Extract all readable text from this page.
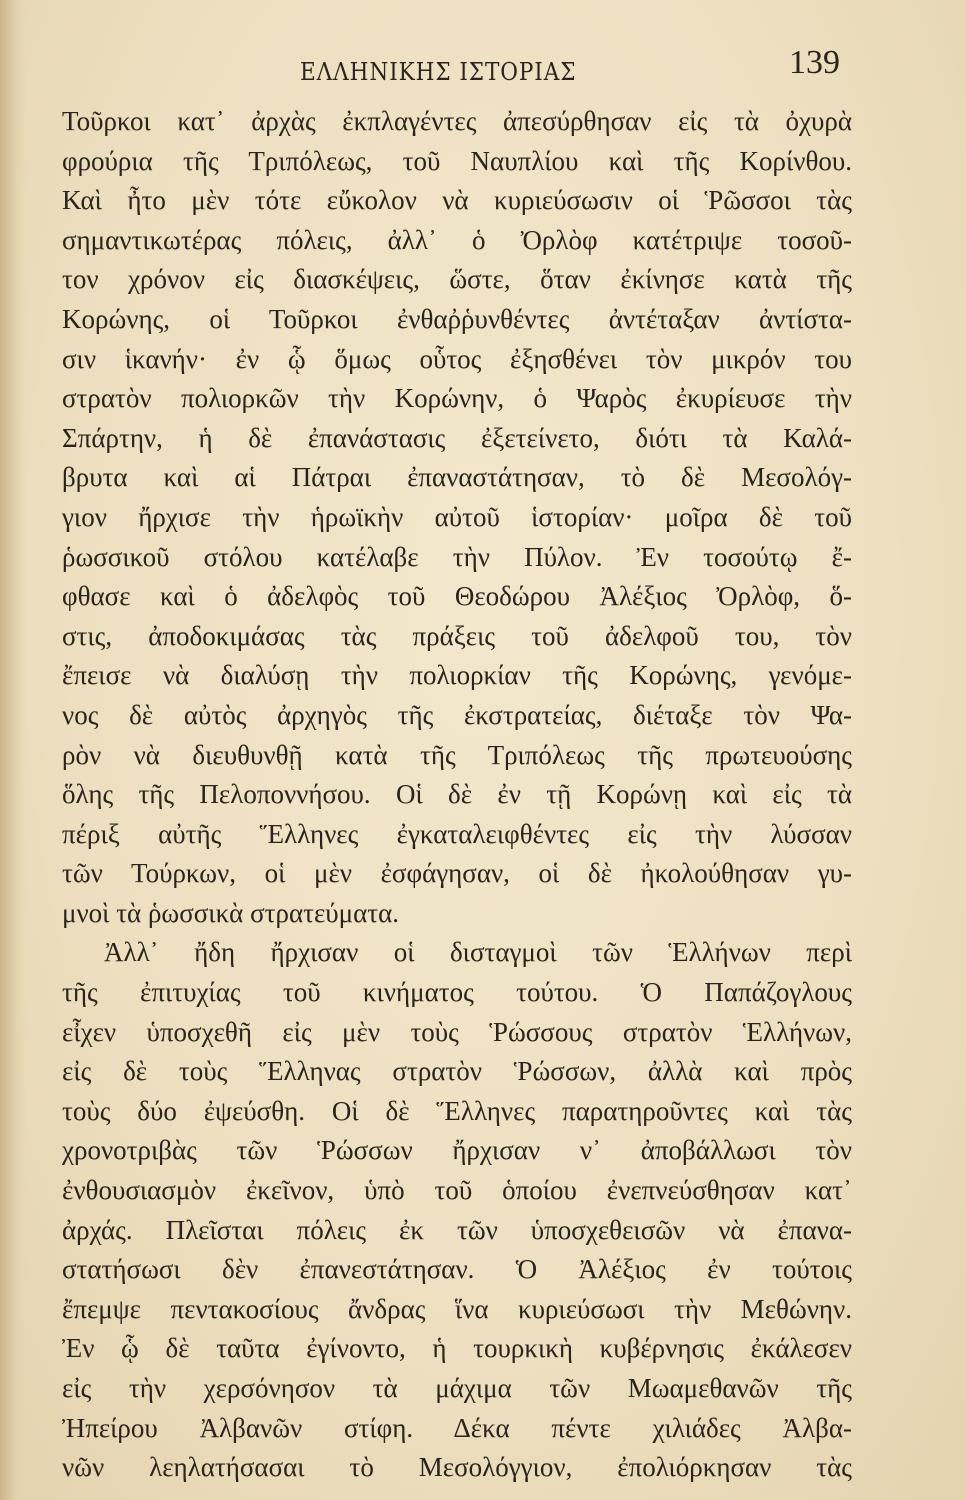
ΕΛΛΗΝΙΚΗΣ ΙΣΤΟΡΙΑΣ	139
Τοῦρκοι κατ᾽ ἀρχὰς ἐκπλαγέντες ἀπεσύρθησαν εἰς τὰ ὀχυρὰ
φρούρια τῆς Τριπόλεως, τοῦ Ναυπλίου καὶ τῆς Κορίνθου.
Καὶ ἦτο μὲν τότε εὔκολον νὰ κυριεύσωσιν οἱ Ῥῶσσοι τὰς
σημαντικωτέρας πόλεις, ἀλλ᾽ ὁ Ὀρλὸφ κατέτριψε τοσοῦ-
τον χρόνον εἰς διασκέψεις, ὥστε, ὅταν ἐκίνησε κατὰ τῆς
Κορώνης, οἱ Τοῦρκοι ἐνθαῤῥυνθέντες ἀντέταξαν ἀντίστα-
σιν ἱκανήν· ἐν ᾧ ὅμως οὗτος ἐξησθένει τὸν μικρόν του
στρατὸν πολιορκῶν τὴν Κορώνην, ὁ Ψαρὸς ἐκυρίευσε τὴν
Σπάρτην, ἡ δὲ ἐπανάστασις ἐξετείνετο, διότι τὰ Καλά-
βρυτα καὶ αἱ Πάτραι ἐπαναστάτησαν, τὸ δὲ Μεσολόγ-
γιον ἤρχισε τὴν ἡρωϊκὴν αὐτοῦ ἱστορίαν· μοῖρα δὲ τοῦ
ῥωσσικοῦ στόλου κατέλαβε τὴν Πύλον. Ἐν τοσούτῳ ἔ-
φθασε καὶ ὁ ἀδελφὸς τοῦ Θεοδώρου Ἀλέξιος Ὀρλὸφ, ὅ-
στις, ἀποδοκιμάσας τὰς πράξεις τοῦ ἀδελφοῦ του, τὸν
ἔπεισε νὰ διαλύσῃ τὴν πολιορκίαν τῆς Κορώνης, γενόμε-
νος δὲ αὐτὸς ἀρχηγὸς τῆς ἐκστρατείας, διέταξε τὸν Ψα-
ρὸν νὰ διευθυνθῇ κατὰ τῆς Τριπόλεως τῆς πρωτευούσης
ὅλης τῆς Πελοποννήσου. Οἱ δὲ ἐν τῇ Κορώνῃ καὶ εἰς τὰ
πέριξ αὐτῆς Ἕλληνες ἐγκαταλειφθέντες εἰς τὴν λύσσαν
τῶν Τούρκων, οἱ μὲν ἐσφάγησαν, οἱ δὲ ἠκολούθησαν γυ-
μνοὶ τὰ ῥωσσικὰ στρατεύματα.
Ἀλλ᾽ ἤδη ἤρχισαν οἱ δισταγμοὶ τῶν Ἑλλήνων περὶ
τῆς ἐπιτυχίας τοῦ κινήματος τούτου. Ὁ Παπάζογλους
εἶχεν ὑποσχεθῆ εἰς μὲν τοὺς Ῥώσσους στρατὸν Ἑλλήνων,
εἰς δὲ τοὺς Ἕλληνας στρατὸν Ῥώσσων, ἀλλὰ καὶ πρὸς
τοὺς δύο ἐψεύσθη. Οἱ δὲ Ἕλληνες παρατηροῦντες καὶ τὰς
χρονοτριβὰς τῶν Ῥώσσων ἤρχισαν ν᾽ ἀποβάλλωσι τὸν
ἐνθουσιασμὸν ἐκεῖνον, ὑπὸ τοῦ ὁποίου ἐνεπνεύσθησαν κατ᾽
ἀρχάς. Πλεῖσται πόλεις ἐκ τῶν ὑποσχεθεισῶν νὰ ἐπανα-
στατήσωσι δὲν ἐπανεστάτησαν. Ὁ Ἀλέξιος ἐν τούτοις
ἔπεμψε πεντακοσίους ἄνδρας ἵνα κυριεύσωσι τὴν Μεθώνην.
Ἐν ᾧ δὲ ταῦτα ἐγίνοντο, ἡ τουρκικὴ κυβέρνησις ἐκάλεσεν
εἰς τὴν χερσόνησον τὰ μάχιμα τῶν Μωαμεθανῶν τῆς
Ἠπείρου Ἀλβανῶν στίφη. Δέκα πέντε χιλιάδες Ἀλβα-
νῶν λεηλατήσασαι τὸ Μεσολόγγιον, ἐπολιόρκησαν τὰς
